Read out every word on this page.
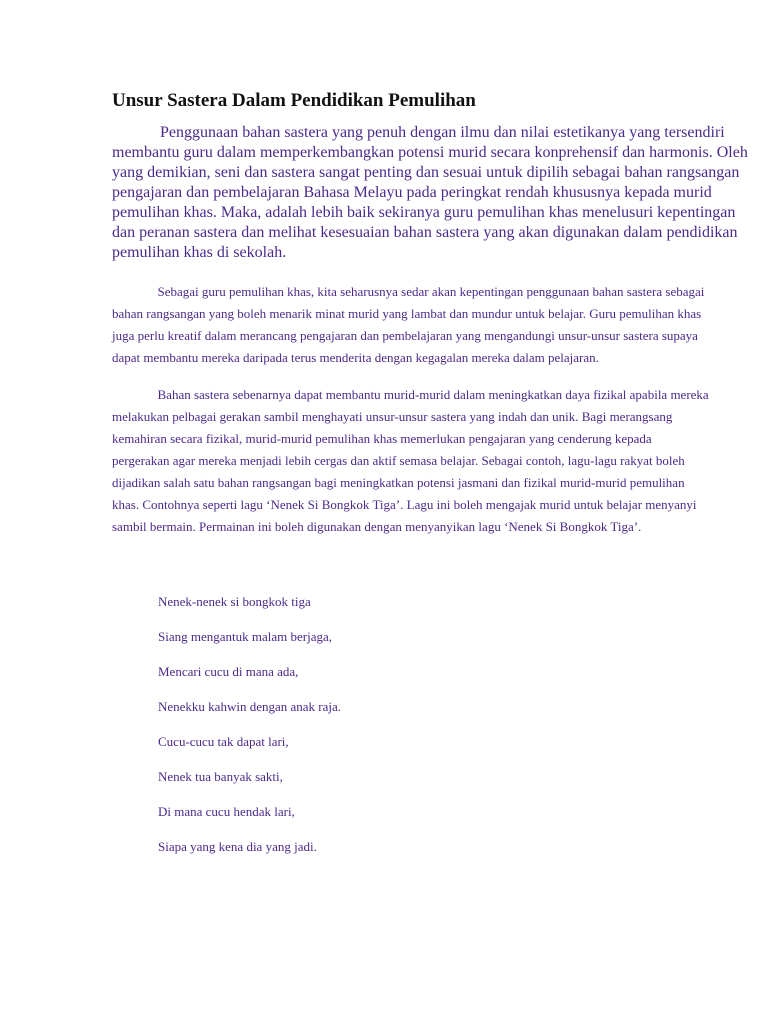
Unsur Sastera Dalam Pendidikan Pemulihan
Penggunaan bahan sastera yang penuh dengan ilmu dan nilai estetikanya yang tersendiri
membantu guru dalam memperkembangkan potensi murid secara konprehensif dan harmonis. Oleh
yang demikian, seni dan sastera sangat penting dan sesuai untuk dipilih sebagai bahan rangsangan
pengajaran dan pembelajaran Bahasa Melayu pada peringkat rendah khususnya kepada murid
pemulihan khas. Maka, adalah lebih baik sekiranya guru pemulihan khas menelusuri kepentingan
dan peranan sastera dan melihat kesesuaian bahan sastera yang akan digunakan dalam pendidikan
pemulihan khas di sekolah.
Sebagai guru pemulihan khas, kita seharusnya sedar akan kepentingan penggunaan bahan sastera sebagai
bahan rangsangan yang boleh menarik minat murid yang lambat dan mundur untuk belajar. Guru pemulihan khas
juga perlu kreatif dalam merancang pengajaran dan pembelajaran yang mengandungi unsur-unsur sastera supaya
dapat membantu mereka daripada terus menderita dengan kegagalan mereka dalam pelajaran.
Bahan sastera sebenarnya dapat membantu murid-murid dalam meningkatkan daya fizikal apabila mereka
melakukan pelbagai gerakan sambil menghayati unsur-unsur sastera yang indah dan unik. Bagi merangsang
kemahiran secara fizikal, murid-murid pemulihan khas memerlukan pengajaran yang cenderung kepada
pergerakan agar mereka menjadi lebih cergas dan aktif semasa belajar. Sebagai contoh, lagu-lagu rakyat boleh
dijadikan salah satu bahan rangsangan bagi meningkatkan potensi jasmani dan fizikal murid-murid pemulihan
khas. Contohnya seperti lagu ‘Nenek Si Bongkok Tiga’. Lagu ini boleh mengajak murid untuk belajar menyanyi
sambil bermain. Permainan ini boleh digunakan dengan menyanyikan lagu ‘Nenek Si Bongkok Tiga’.
Nenek-nenek si bongkok tiga
Siang mengantuk malam berjaga,
Mencari cucu di mana ada,
Nenekku kahwin dengan anak raja.
Cucu-cucu tak dapat lari,
Nenek tua banyak sakti,
Di mana cucu hendak lari,
Siapa yang kena dia yang jadi.
